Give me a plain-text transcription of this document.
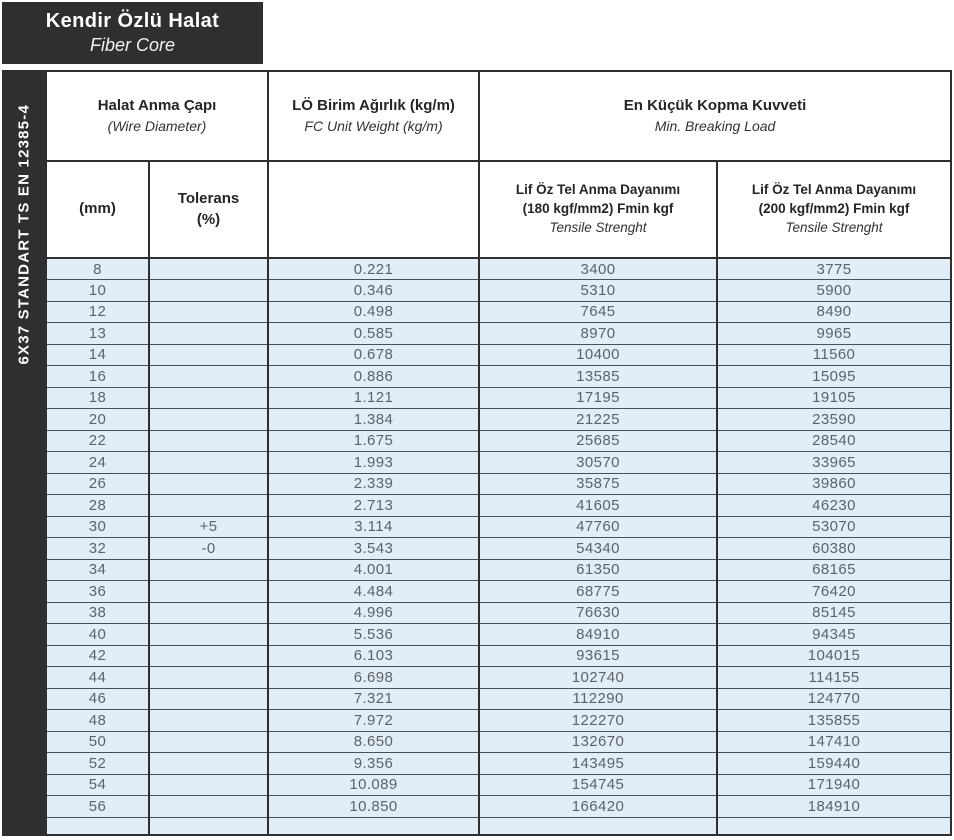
Kendir Özlü Halat
Fiber Core
6X37 STANDART TS EN 12385-4	Halat Anma Çapı
(Wire Diameter)

LÖ Birim Ağırlık (kg/m)
FC Unit Weight (kg/m)

En Küçük Kopma Kuvveti
Min. Breaking Load

(mm)

Tolerans
(%)

Lif Öz Tel Anma Dayanımı
(180 kgf/mm2) Fmin kgf
Tensile Strenght

Lif Öz Tel Anma Dayanımı
(200 kgf/mm2) Fmin kgf
Tensile Strenght

8		0.221	3400	3775
10		0.346	5310	5900
12		0.498	7645	8490
13		0.585	8970	9965
14		0.678	10400	11560
16		0.886	13585	15095
18		1.121	17195	19105
20		1.384	21225	23590
22		1.675	25685	28540
24		1.993	30570	33965
26		2.339	35875	39860
28		2.713	41605	46230
30	+5	3.114	47760	53070
32	-0	3.543	54340	60380
34		4.001	61350	68165
36		4.484	68775	76420
38		4.996	76630	85145
40		5.536	84910	94345
42		6.103	93615	104015
44		6.698	102740	114155
46		7.321	112290	124770
48		7.972	122270	135855
50		8.650	132670	147410
52		9.356	143495	159440
54		10.089	154745	171940
56		10.850	166420	184910
